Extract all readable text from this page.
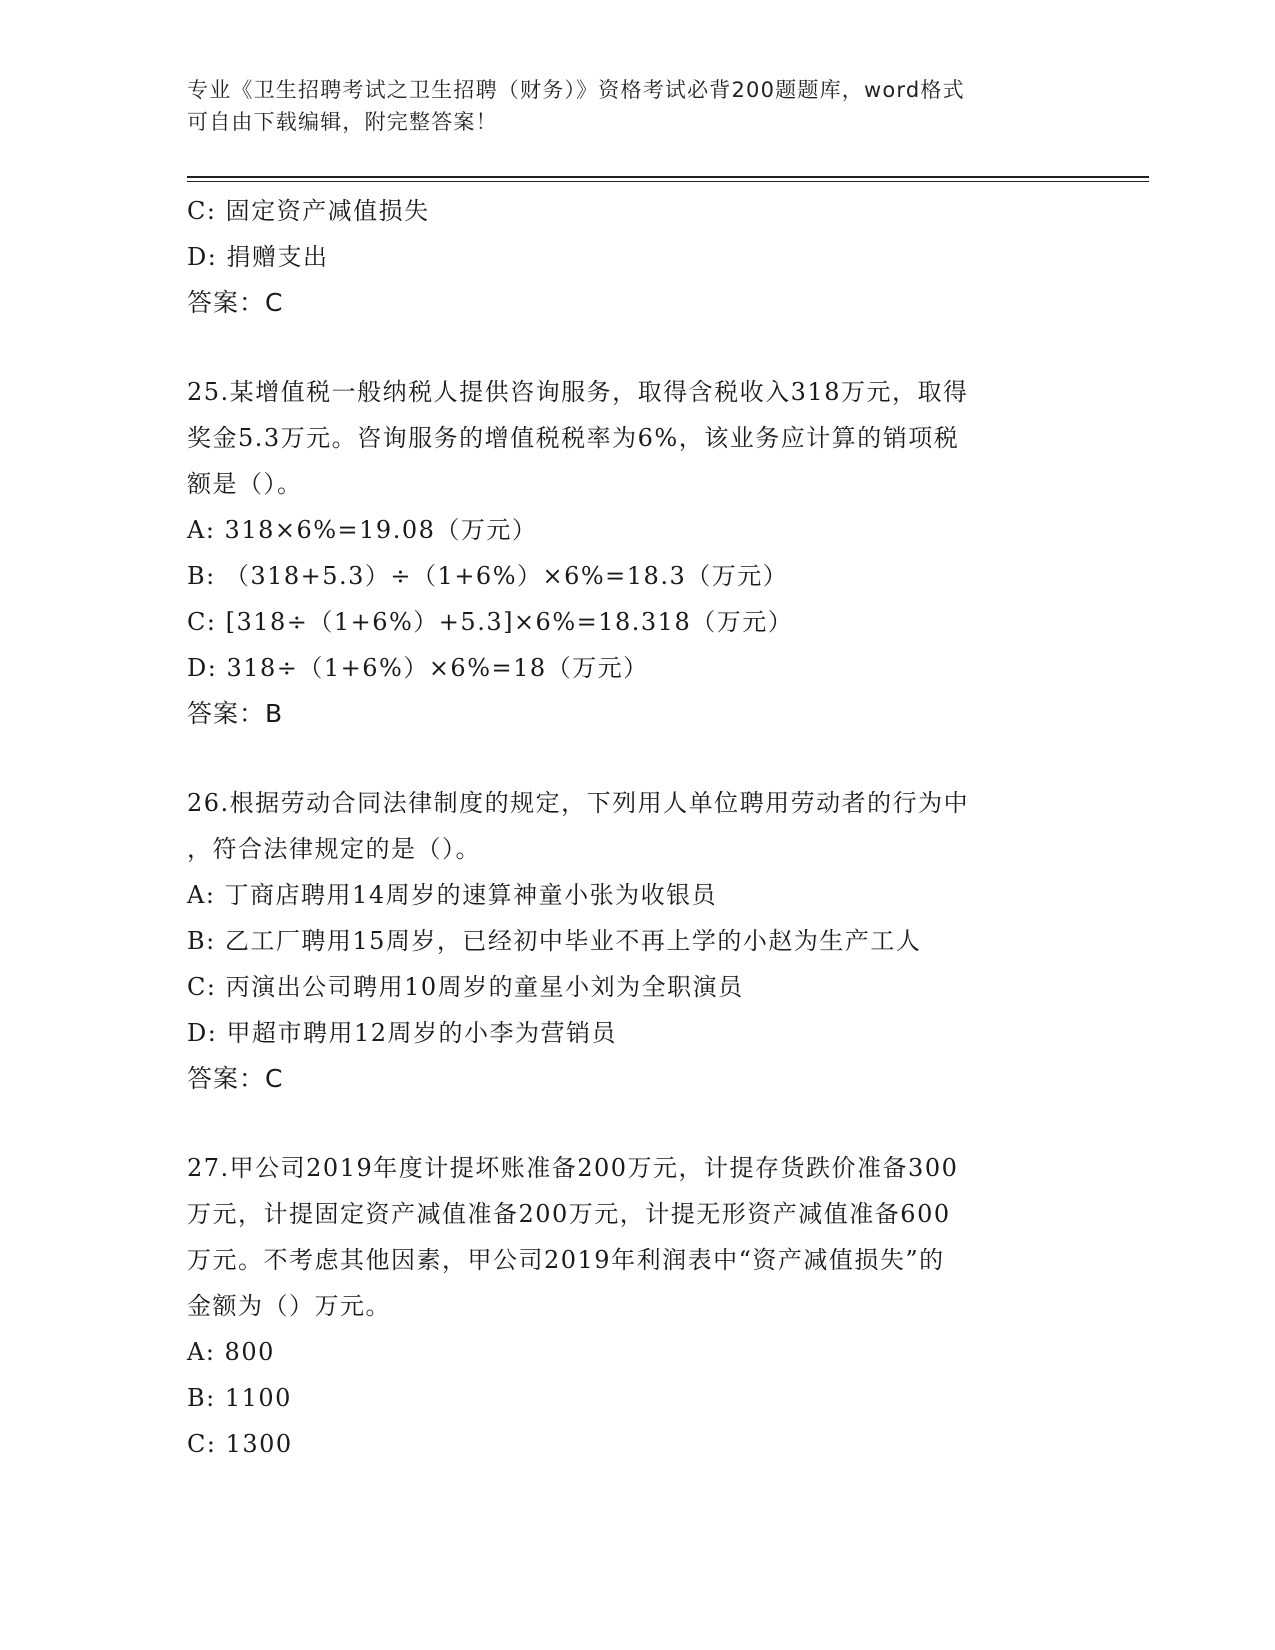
专业《卫生招聘考试之卫生招聘（财务）》资格考试必背200题题库，word格式
可自由下载编辑，附完整答案！
C: 固定资产减值损失
D: 捐赠支出
答案：C
25.某增值税一般纳税人提供咨询服务，取得含税收入318万元，取得
奖金5.3万元。咨询服务的增值税税率为6%，该业务应计算的销项税
额是（）。
A: 318×6%=19.08（万元）
B: （318+5.3）÷（1+6%）×6%=18.3（万元）
C: [318÷（1+6%）+5.3]×6%=18.318（万元）
D: 318÷（1+6%）×6%=18（万元）
答案：B
26.根据劳动合同法律制度的规定，下列用人单位聘用劳动者的行为中
，符合法律规定的是（）。
A: 丁商店聘用14周岁的速算神童小张为收银员
B: 乙工厂聘用15周岁，已经初中毕业不再上学的小赵为生产工人
C: 丙演出公司聘用10周岁的童星小刘为全职演员
D: 甲超市聘用12周岁的小李为营销员
答案：C
27.甲公司2019年度计提坏账准备200万元，计提存货跌价准备300
万元，计提固定资产减值准备200万元，计提无形资产减值准备600
万元。不考虑其他因素，甲公司2019年利润表中“资产减值损失”的
金额为（）万元。
A: 800
B: 1100
C: 1300
